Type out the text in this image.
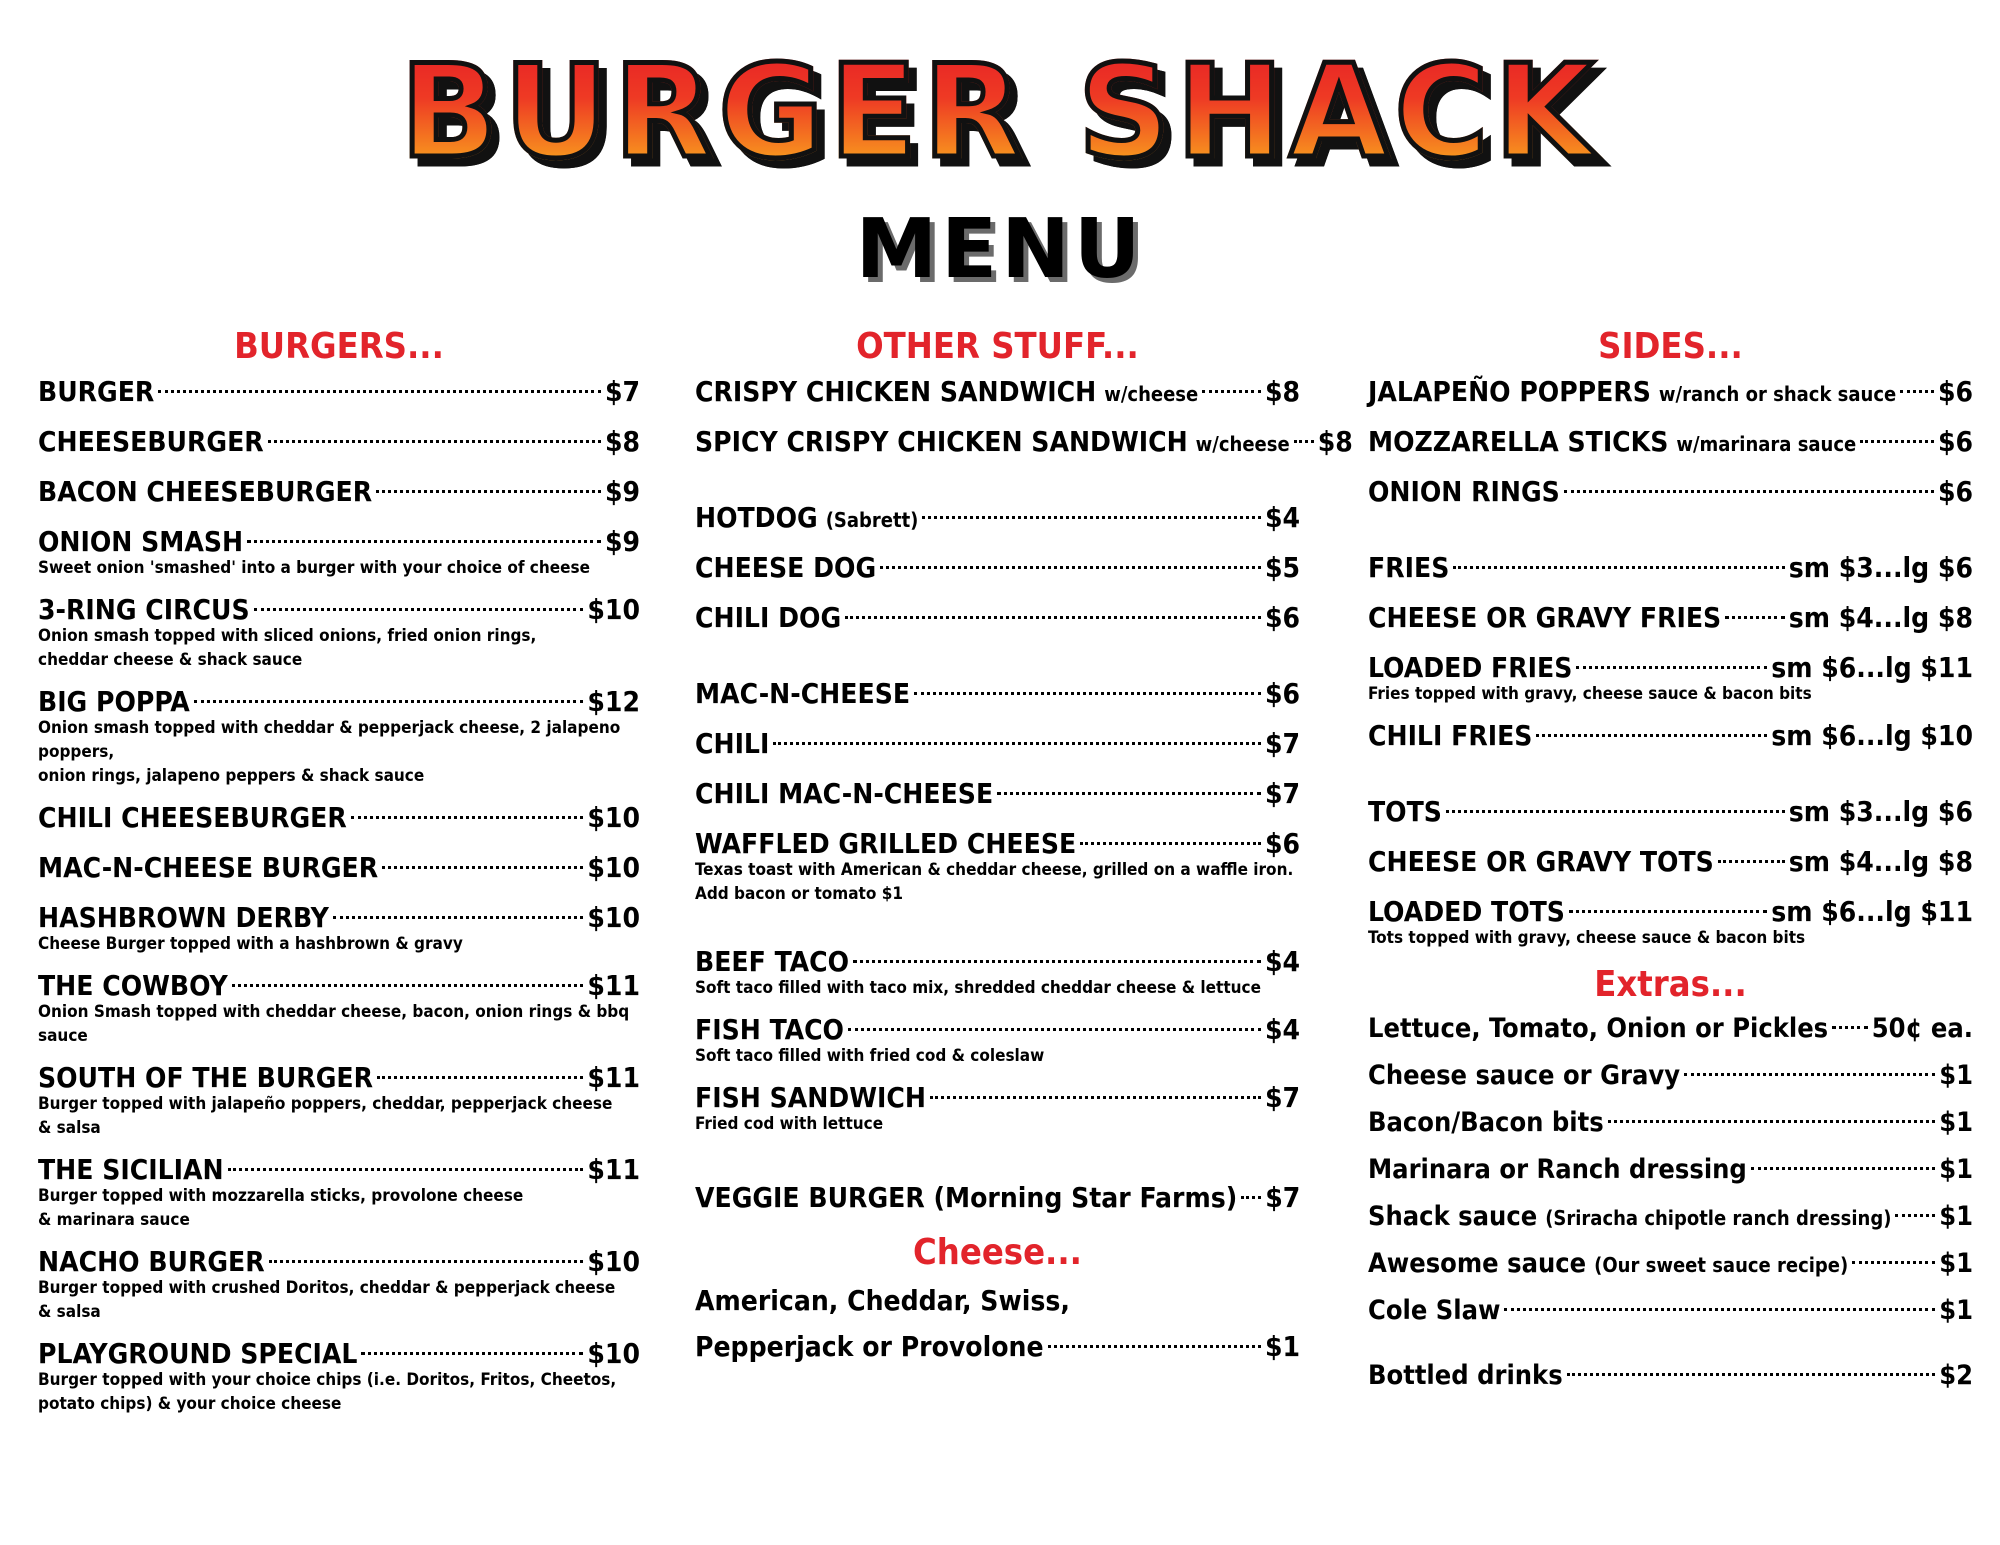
BURGER SHACK
MENU
BURGERS...
BURGER	$7
CHEESEBURGER	$8
BACON CHEESEBURGER	$9
ONION SMASH	$9
Sweet onion 'smashed' into a burger with your choice of cheese
3-RING CIRCUS	$10
Onion smash topped with sliced onions, fried onion rings,
cheddar cheese & shack sauce
BIG POPPA	$12
Onion smash topped with cheddar & pepperjack cheese, 2 jalapeno poppers,
onion rings, jalapeno peppers & shack sauce
CHILI CHEESEBURGER	$10
MAC-N-CHEESE BURGER	$10
HASHBROWN DERBY	$10
Cheese Burger topped with a hashbrown & gravy
THE COWBOY	$11
Onion Smash topped with cheddar cheese, bacon, onion rings & bbq sauce
SOUTH OF THE BURGER	$11
Burger topped with jalapeño poppers, cheddar, pepperjack cheese
& salsa
THE SICILIAN	$11
Burger topped with mozzarella sticks, provolone cheese
& marinara sauce
NACHO BURGER	$10
Burger topped with crushed Doritos, cheddar & pepperjack cheese
& salsa
PLAYGROUND SPECIAL	$10
Burger topped with your choice chips (i.e. Doritos, Fritos, Cheetos,
potato chips) & your choice cheese
OTHER STUFF...
CRISPY CHICKEN SANDWICH w/cheese $8
SPICY CRISPY CHICKEN SANDWICH w/cheese $8
HOTDOG (Sabrett)	$4
CHEESE DOG	$5
CHILI DOG	$6
MAC-N-CHEESE	$6
CHILI	$7
CHILI MAC-N-CHEESE	$7
WAFFLED GRILLED CHEESE	$6
Texas toast with American & cheddar cheese, grilled on a waffle iron.
Add bacon or tomato $1
BEEF TACO	$4
Soft taco filled with taco mix, shredded cheddar cheese & lettuce
FISH TACO	$4
Soft taco filled with fried cod & coleslaw
FISH SANDWICH	$7
Fried cod with lettuce
VEGGIE BURGER (Morning Star Farms) $7
Cheese...
American, Cheddar, Swiss,
Pepperjack or Provolone	$1
SIDES...
JALAPEÑO POPPERS w/ranch or shack sauce $6
MOZZARELLA STICKS w/marinara sauce	$6
ONION RINGS	$6
FRIES	sm $3...lg $6
CHEESE OR GRAVY FRIES sm $4...lg $8
LOADED FRIES	sm $6...lg $11
Fries topped with gravy, cheese sauce & bacon bits
CHILI FRIES	sm $6...lg $10
TOTS	sm $3...lg $6
CHEESE OR GRAVY TOTS	sm $4...lg $8
LOADED TOTS	sm $6...lg $11
Tots topped with gravy, cheese sauce & bacon bits
Extras...
Lettuce, Tomato, Onion or Pickles 50¢ ea.
Cheese sauce or Gravy	$1
Bacon/Bacon bits	$1
Marinara or Ranch dressing	$1
Shack sauce (Sriracha chipotle ranch dressing) $1
Awesome sauce (Our sweet sauce recipe)	$1
Cole Slaw	$1
Bottled drinks	$2
